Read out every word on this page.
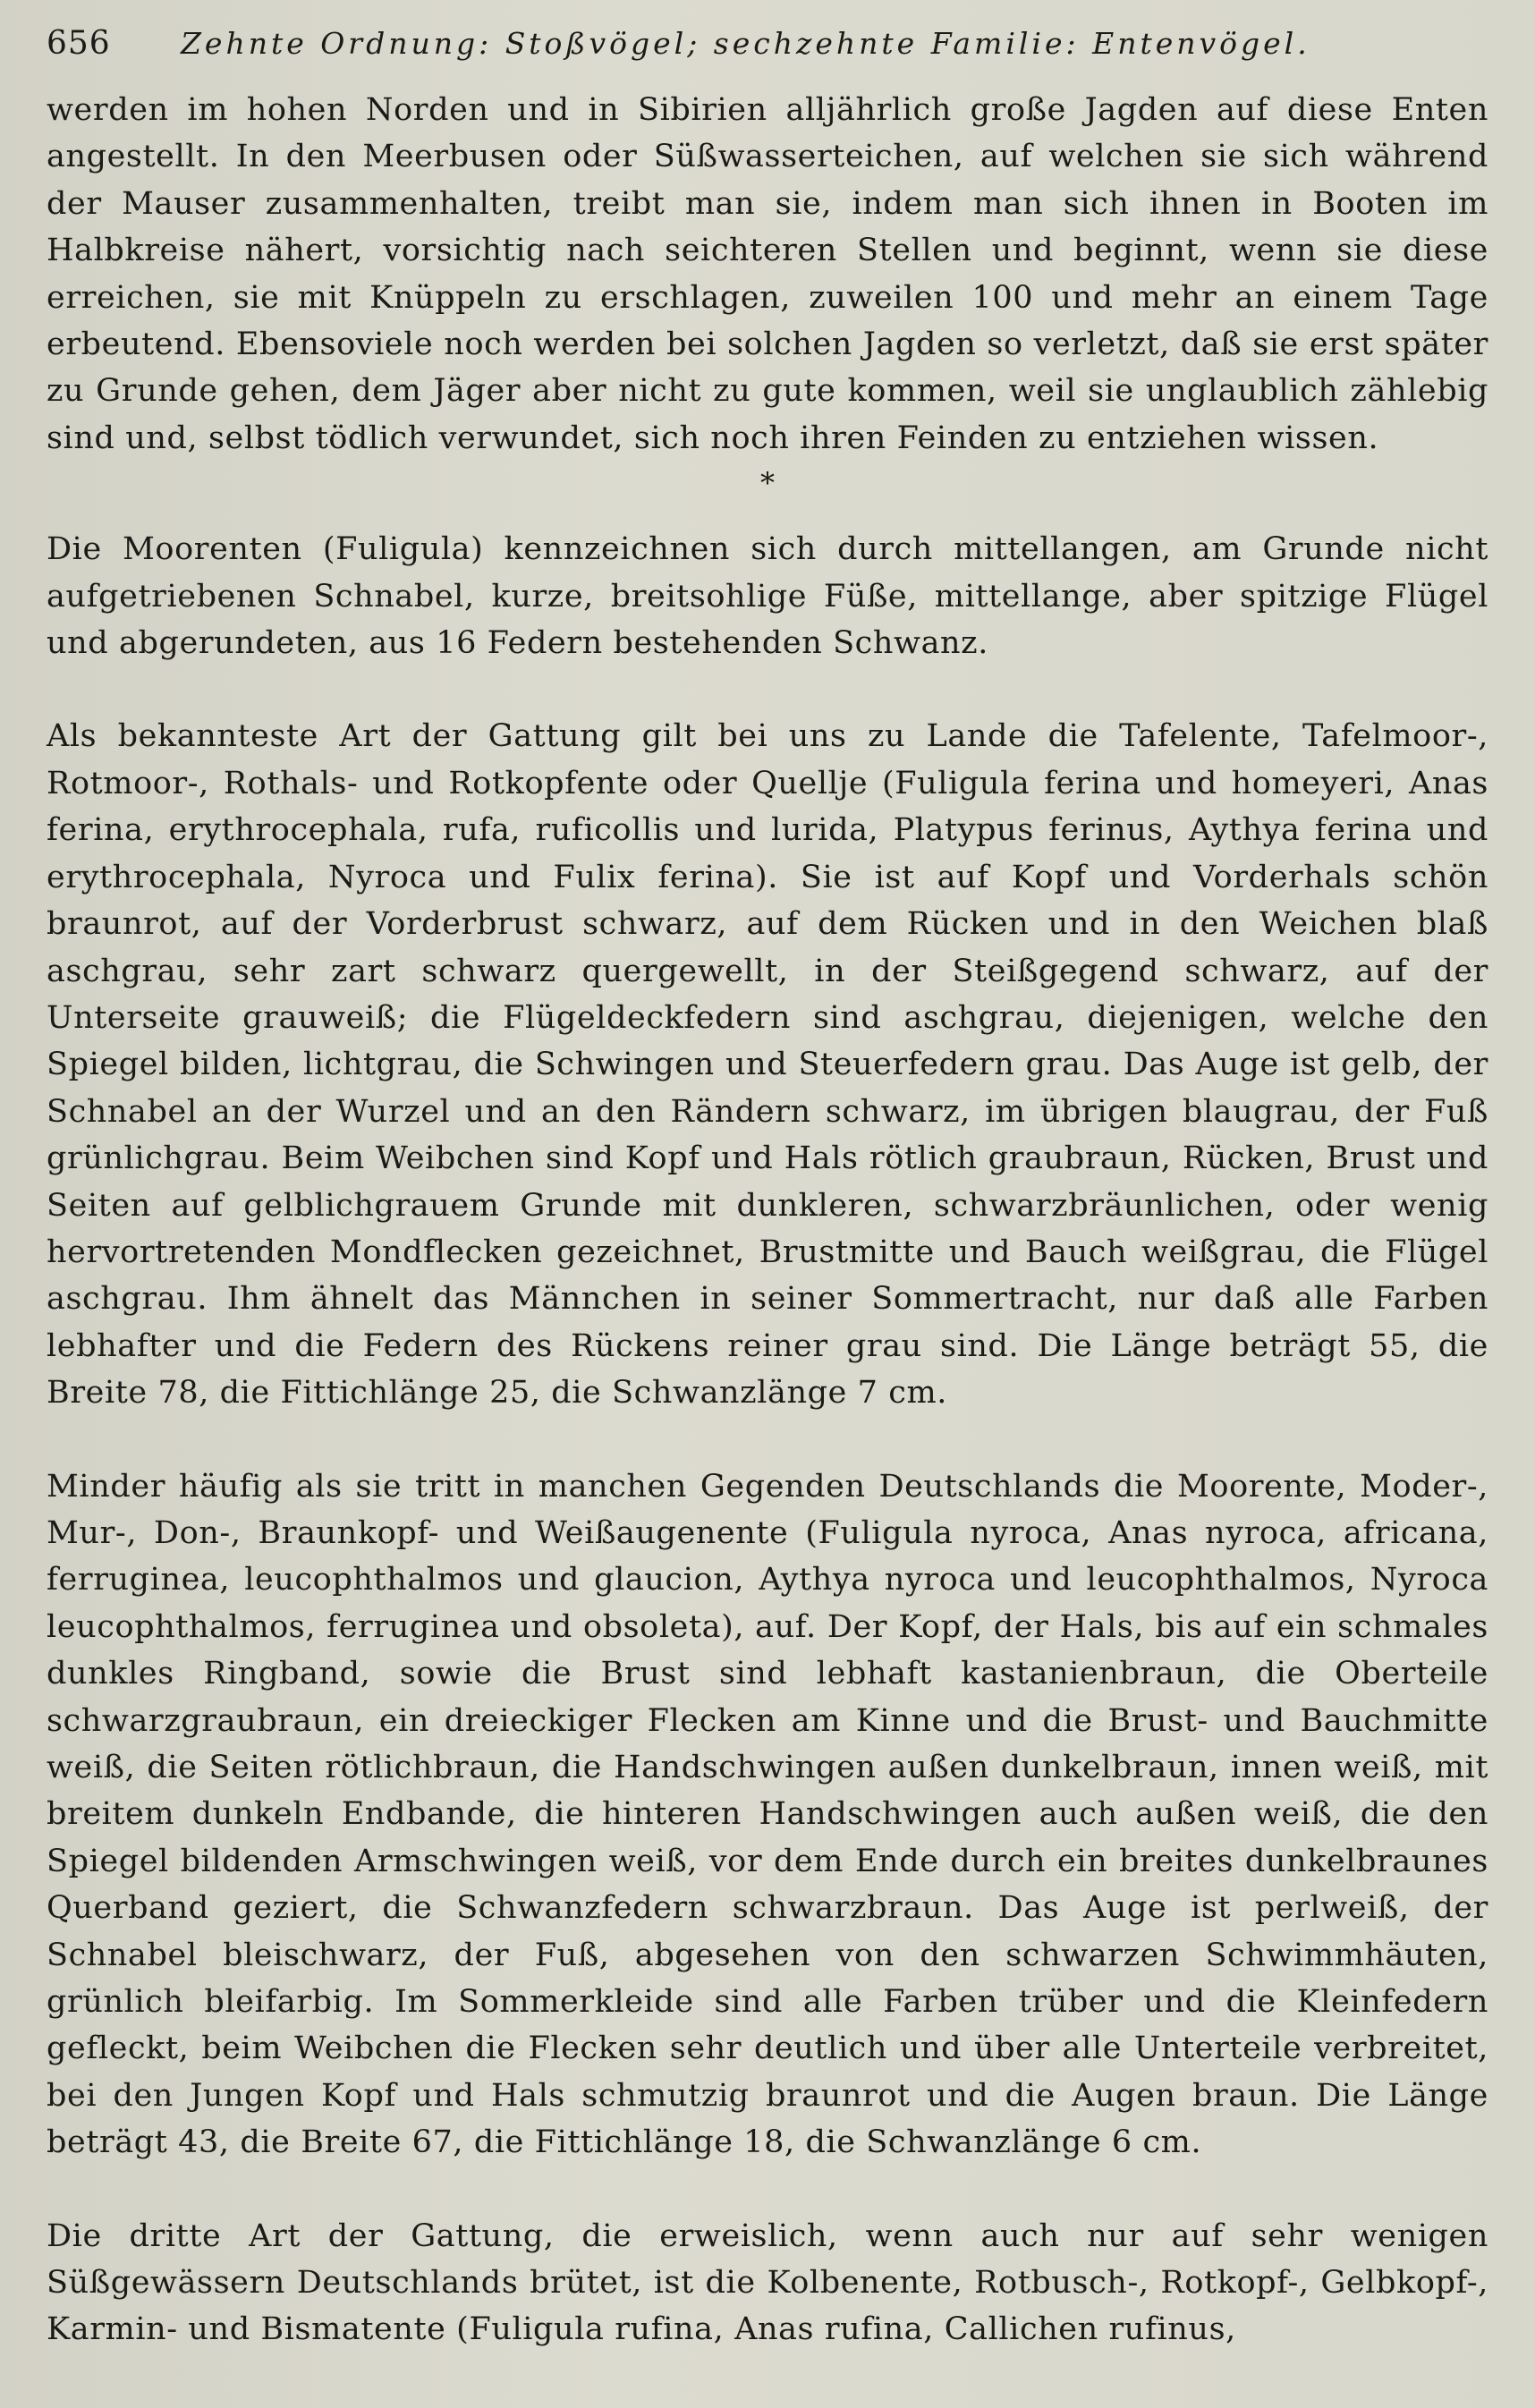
656	Zehnte Ordnung: Stoßvögel; sechzehnte Familie: Entenvögel.

werden im hohen Norden und in Sibirien alljährlich große Jagden auf diese Enten angestellt. In den Meerbusen oder Süßwasserteichen, auf welchen sie sich während der Mauser zusammenhalten, treibt man sie, indem man sich ihnen in Booten im Halbkreise nähert, vorsichtig nach seichteren Stellen und beginnt, wenn sie diese erreichen, sie mit Knüppeln zu erschlagen, zuweilen 100 und mehr an einem Tage erbeutend. Ebensoviele noch werden bei solchen Jagden so verletzt, daß sie erst später zu Grunde gehen, dem Jäger aber nicht zu gute kommen, weil sie unglaublich zählebig sind und, selbst tödlich verwundet, sich noch ihren Feinden zu entziehen wissen.

*

Die Moorenten (Fuligula) kennzeichnen sich durch mittellangen, am Grunde nicht aufgetriebenen Schnabel, kurze, breitsohlige Füße, mittellange, aber spitzige Flügel und abgerundeten, aus 16 Federn bestehenden Schwanz.

Als bekannteste Art der Gattung gilt bei uns zu Lande die Tafelente, Tafelmoor-, Rotmoor-, Rothals- und Rotkopfente oder Quellje (Fuligula ferina und homeyeri, Anas ferina, erythrocephala, rufa, ruficollis und lurida, Platypus ferinus, Aythya ferina und erythrocephala, Nyroca und Fulix ferina). Sie ist auf Kopf und Vorderhals schön braunrot, auf der Vorderbrust schwarz, auf dem Rücken und in den Weichen blaß aschgrau, sehr zart schwarz quergewellt, in der Steißgegend schwarz, auf der Unterseite grauweiß; die Flügeldeckfedern sind aschgrau, diejenigen, welche den Spiegel bilden, lichtgrau, die Schwingen und Steuerfedern grau. Das Auge ist gelb, der Schnabel an der Wurzel und an den Rändern schwarz, im übrigen blaugrau, der Fuß grünlichgrau. Beim Weibchen sind Kopf und Hals rötlich graubraun, Rücken, Brust und Seiten auf gelblichgrauem Grunde mit dunkleren, schwarzbräunlichen, oder wenig hervortretenden Mondflecken gezeichnet, Brustmitte und Bauch weißgrau, die Flügel aschgrau. Ihm ähnelt das Männchen in seiner Sommertracht, nur daß alle Farben lebhafter und die Federn des Rückens reiner grau sind. Die Länge beträgt 55, die Breite 78, die Fittichlänge 25, die Schwanzlänge 7 cm.

Minder häufig als sie tritt in manchen Gegenden Deutschlands die Moorente, Moder-, Mur-, Don-, Braunkopf- und Weißaugenente (Fuligula nyroca, Anas nyroca, africana, ferruginea, leucophthalmos und glaucion, Aythya nyroca und leucophthalmos, Nyroca leucophthalmos, ferruginea und obsoleta), auf. Der Kopf, der Hals, bis auf ein schmales dunkles Ringband, sowie die Brust sind lebhaft kastanienbraun, die Oberteile schwarzgraubraun, ein dreieckiger Flecken am Kinne und die Brust- und Bauchmitte weiß, die Seiten rötlichbraun, die Handschwingen außen dunkelbraun, innen weiß, mit breitem dunkeln Endbande, die hinteren Handschwingen auch außen weiß, die den Spiegel bildenden Armschwingen weiß, vor dem Ende durch ein breites dunkelbraunes Querband geziert, die Schwanzfedern schwarzbraun. Das Auge ist perlweiß, der Schnabel bleischwarz, der Fuß, abgesehen von den schwarzen Schwimmhäuten, grünlich bleifarbig. Im Sommerkleide sind alle Farben trüber und die Kleinfedern gefleckt, beim Weibchen die Flecken sehr deutlich und über alle Unterteile verbreitet, bei den Jungen Kopf und Hals schmutzig braunrot und die Augen braun. Die Länge beträgt 43, die Breite 67, die Fittichlänge 18, die Schwanzlänge 6 cm.

Die dritte Art der Gattung, die erweislich, wenn auch nur auf sehr wenigen Süßgewässern Deutschlands brütet, ist die Kolbenente, Rotbusch-, Rotkopf-, Gelbkopf-, Karmin- und Bismatente (Fuligula rufina, Anas rufina, Callichen rufinus,
